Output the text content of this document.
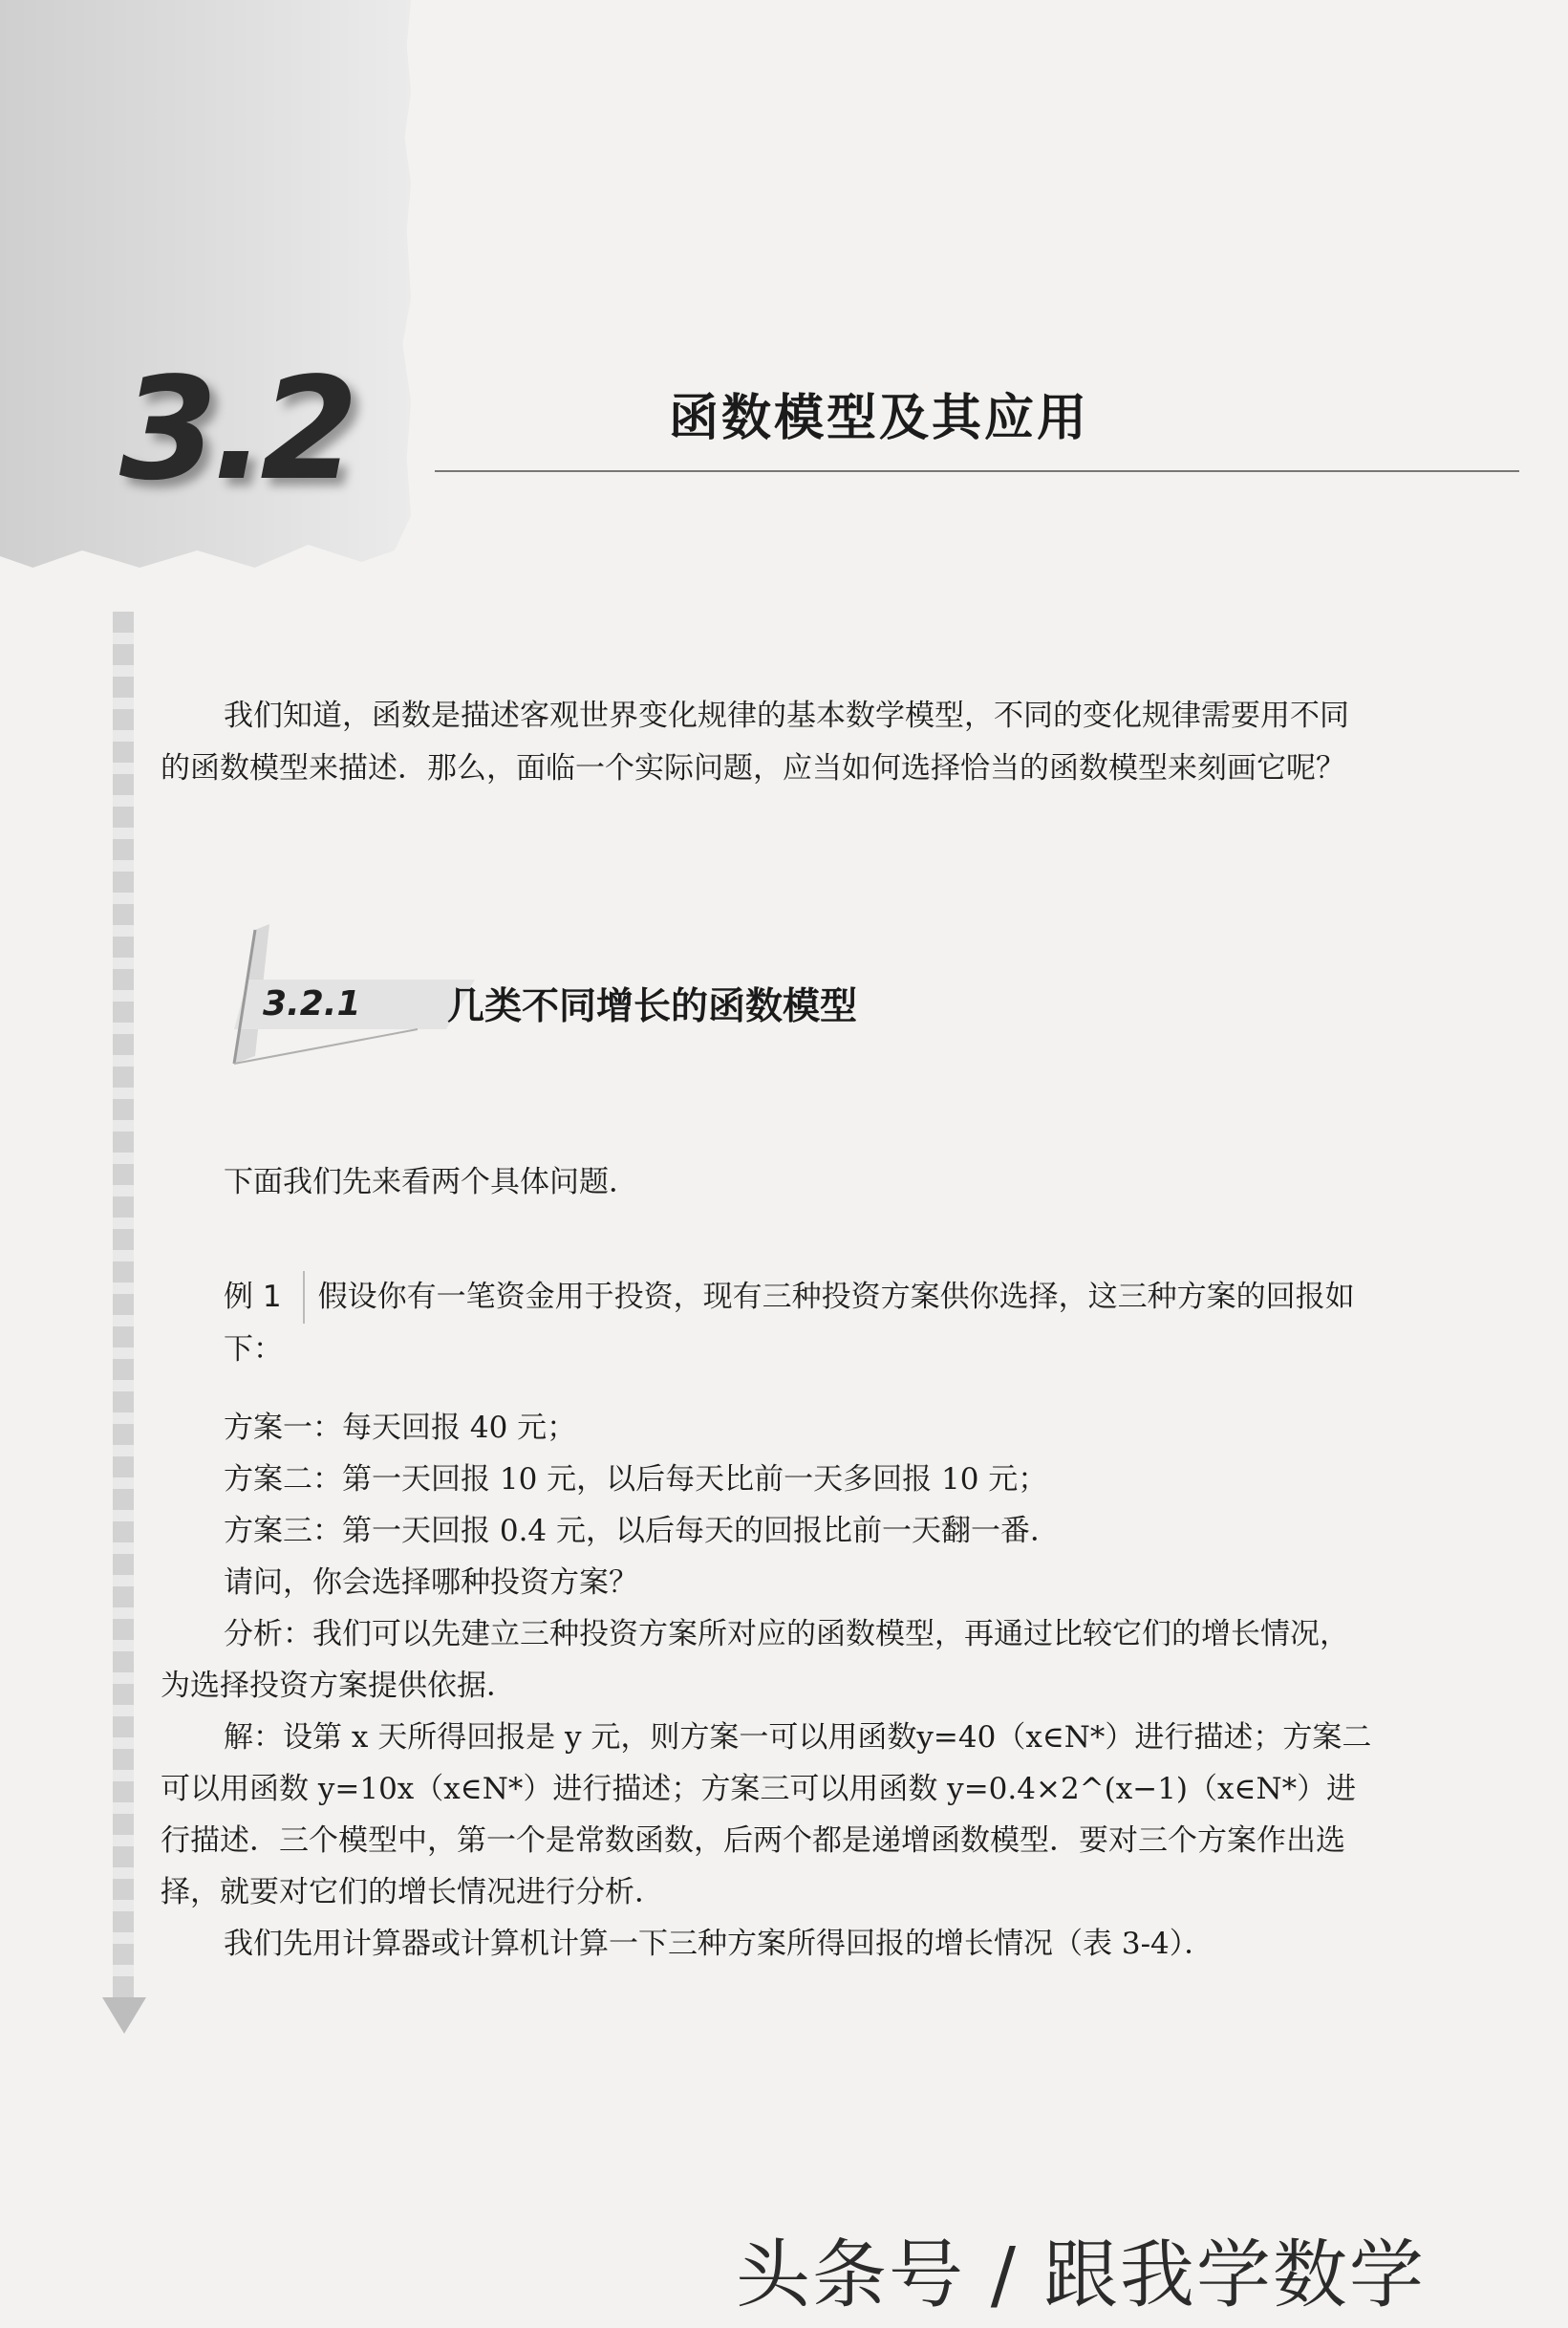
3.2	函数模型及其应用

我们知道，函数是描述客观世界变化规律的基本数学模型，不同的变化规律需要用不同的函数模型来描述．那么，面临一个实际问题，应当如何选择恰当的函数模型来刻画它呢？

3.2.1 几类不同增长的函数模型

下面我们先来看两个具体问题．

例 1 假设你有一笔资金用于投资，现有三种投资方案供你选择，这三种方案的回报如下：

方案一：每天回报 40 元；

方案二：第一天回报 10 元，以后每天比前一天多回报 10 元；

方案三：第一天回报 0.4 元，以后每天的回报比前一天翻一番．

请问，你会选择哪种投资方案？

分析：我们可以先建立三种投资方案所对应的函数模型，再通过比较它们的增长情况，为选择投资方案提供依据．

解：设第 x 天所得回报是 y 元，则方案一可以用函数y=40（x∈N*）进行描述；方案二可以用函数 y=10x（x∈N*）进行描述；方案三可以用函数 y=0.4×2^(x−1)（x∈N*）进行描述．三个模型中，第一个是常数函数，后两个都是递增函数模型．要对三个方案作出选择，就要对它们的增长情况进行分析．

我们先用计算器或计算机计算一下三种方案所得回报的增长情况（表 3-4）．

头条号 / 跟我学数学
